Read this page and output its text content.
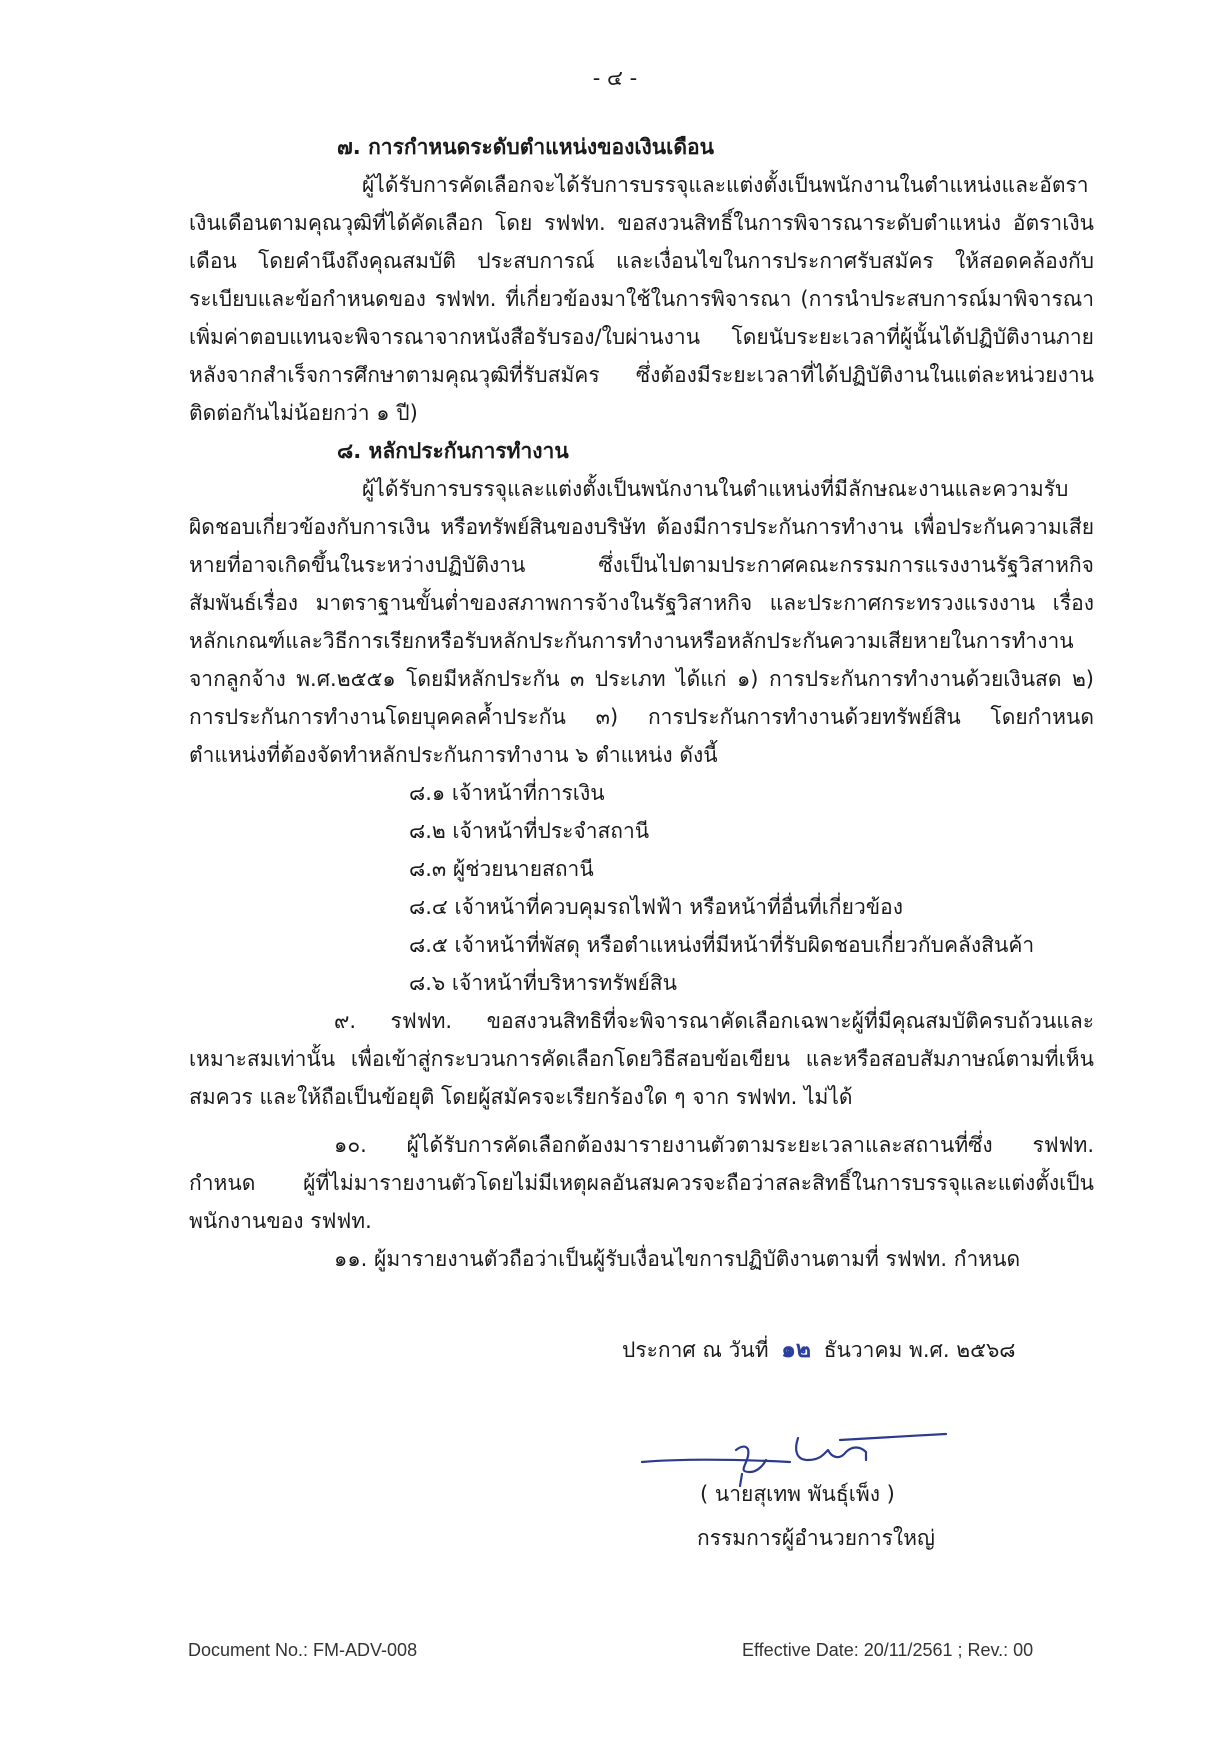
- ๔ -

๗. การกำหนดระดับตำแหน่งของเงินเดือน

ผู้ได้รับการคัดเลือกจะได้รับการบรรจุและแต่งตั้งเป็นพนักงานในตำแหน่งและอัตราเงินเดือนตามคุณวุฒิที่ได้คัดเลือก โดย รฟฟท. ขอสงวนสิทธิ์ในการพิจารณาระดับตำแหน่ง อัตราเงินเดือน โดยคำนึงถึงคุณสมบัติ ประสบการณ์ และเงื่อนไขในการประกาศรับสมัคร ให้สอดคล้องกับระเบียบและข้อกำหนดของ รฟฟท. ที่เกี่ยวข้องมาใช้ในการพิจารณา (การนำประสบการณ์มาพิจารณาเพิ่มค่าตอบแทนจะพิจารณาจากหนังสือรับรอง/ใบผ่านงาน โดยนับระยะเวลาที่ผู้นั้นได้ปฏิบัติงานภายหลังจากสำเร็จการศึกษาตามคุณวุฒิที่รับสมัคร ซึ่งต้องมีระยะเวลาที่ได้ปฏิบัติงานในแต่ละหน่วยงานติดต่อกันไม่น้อยกว่า ๑ ปี)

๘. หลักประกันการทำงาน

ผู้ได้รับการบรรจุและแต่งตั้งเป็นพนักงานในตำแหน่งที่มีลักษณะงานและความรับผิดชอบเกี่ยวข้องกับการเงิน หรือทรัพย์สินของบริษัท ต้องมีการประกันการทำงาน เพื่อประกันความเสียหายที่อาจเกิดขึ้นในระหว่างปฏิบัติงาน ซึ่งเป็นไปตามประกาศคณะกรรมการแรงงานรัฐวิสาหกิจสัมพันธ์เรื่อง มาตราฐานขั้นต่ำของสภาพการจ้างในรัฐวิสาหกิจ และประกาศกระทรวงแรงงาน เรื่อง หลักเกณฑ์และวิธีการเรียกหรือรับหลักประกันการทำงานหรือหลักประกันความเสียหายในการทำงานจากลูกจ้าง พ.ศ.๒๕๕๑ โดยมีหลักประกัน ๓ ประเภท ได้แก่ ๑) การประกันการทำงานด้วยเงินสด ๒) การประกันการทำงานโดยบุคคลค้ำประกัน ๓) การประกันการทำงานด้วยทรัพย์สิน โดยกำหนดตำแหน่งที่ต้องจัดทำหลักประกันการทำงาน ๖ ตำแหน่ง ดังนี้

๘.๑ เจ้าหน้าที่การเงิน
๘.๒ เจ้าหน้าที่ประจำสถานี
๘.๓ ผู้ช่วยนายสถานี
๘.๔ เจ้าหน้าที่ควบคุมรถไฟฟ้า หรือหน้าที่อื่นที่เกี่ยวข้อง
๘.๕ เจ้าหน้าที่พัสดุ หรือตำแหน่งที่มีหน้าที่รับผิดชอบเกี่ยวกับคลังสินค้า
๘.๖ เจ้าหน้าที่บริหารทรัพย์สิน

๙. รฟฟท. ขอสงวนสิทธิที่จะพิจารณาคัดเลือกเฉพาะผู้ที่มีคุณสมบัติครบถ้วนและเหมาะสมเท่านั้น เพื่อเข้าสู่กระบวนการคัดเลือกโดยวิธีสอบข้อเขียน และหรือสอบสัมภาษณ์ตามที่เห็นสมควร และให้ถือเป็นข้อยุติ โดยผู้สมัครจะเรียกร้องใด ๆ จาก รฟฟท. ไม่ได้

๑๐. ผู้ได้รับการคัดเลือกต้องมารายงานตัวตามระยะเวลาและสถานที่ซึ่ง รฟฟท. กำหนด ผู้ที่ไม่มารายงานตัวโดยไม่มีเหตุผลอันสมควรจะถือว่าสละสิทธิ์ในการบรรจุและแต่งตั้งเป็นพนักงานของ รฟฟท.

๑๑. ผู้มารายงานตัวถือว่าเป็นผู้รับเงื่อนไขการปฏิบัติงานตามที่ รฟฟท. กำหนด

ประกาศ ณ วันที่ ๑๒ ธันวาคม พ.ศ. ๒๕๖๘
( นายสุเทพ พันธุ์เพ็ง )
กรรมการผู้อำนวยการใหญ่
Document No.: FM-ADV-008	Effective Date: 20/11/2561 ; Rev.: 00
